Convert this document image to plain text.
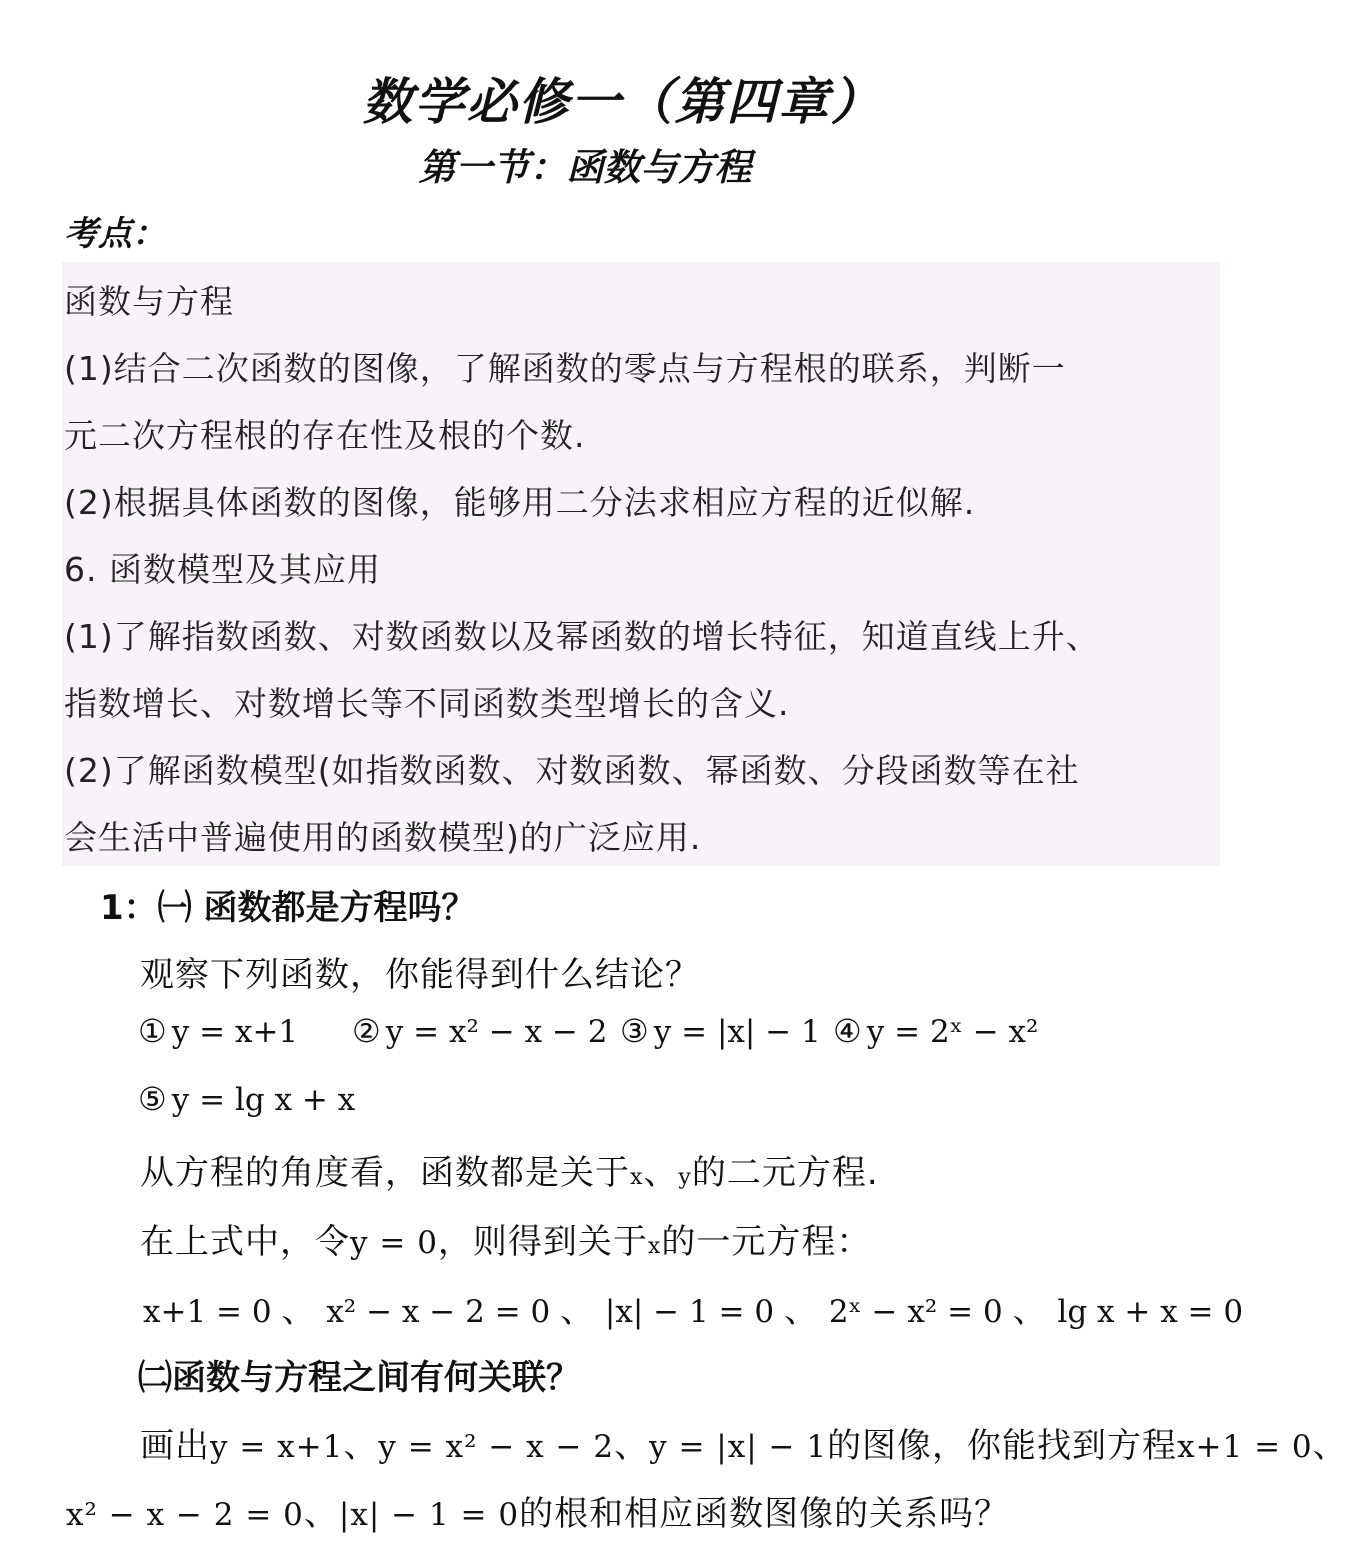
数学必修一（第四章）
第一节：函数与方程
考点：
函数与方程
(1)结合二次函数的图像，了解函数的零点与方程根的联系，判断一
元二次方程根的存在性及根的个数.
(2)根据具体函数的图像，能够用二分法求相应方程的近似解.
6. 函数模型及其应用
(1)了解指数函数、对数函数以及幂函数的增长特征，知道直线上升、
指数增长、对数增长等不同函数类型增长的含义.
(2)了解函数模型(如指数函数、对数函数、幂函数、分段函数等在社
会生活中普遍使用的函数模型)的广泛应用.
1：㈠ 函数都是方程吗？
观察下列函数，你能得到什么结论？
① y = x+1 ② y = x² − x − 2 ③ y = |x| − 1 ④ y = 2ˣ − x²
⑤ y = lg x + x
从方程的角度看，函数都是关于x、y的二元方程.
在上式中，令y = 0，则得到关于x的一元方程：
x+1 = 0 、 x² − x − 2 = 0 、 |x| − 1 = 0 、 2ˣ − x² = 0 、 lg x + x = 0
㈡函数与方程之间有何关联？
画出y = x+1、y = x² − x − 2、y = |x| − 1的图像，你能找到方程x+1 = 0、
x² − x − 2 = 0、|x| − 1 = 0的根和相应函数图像的关系吗？
